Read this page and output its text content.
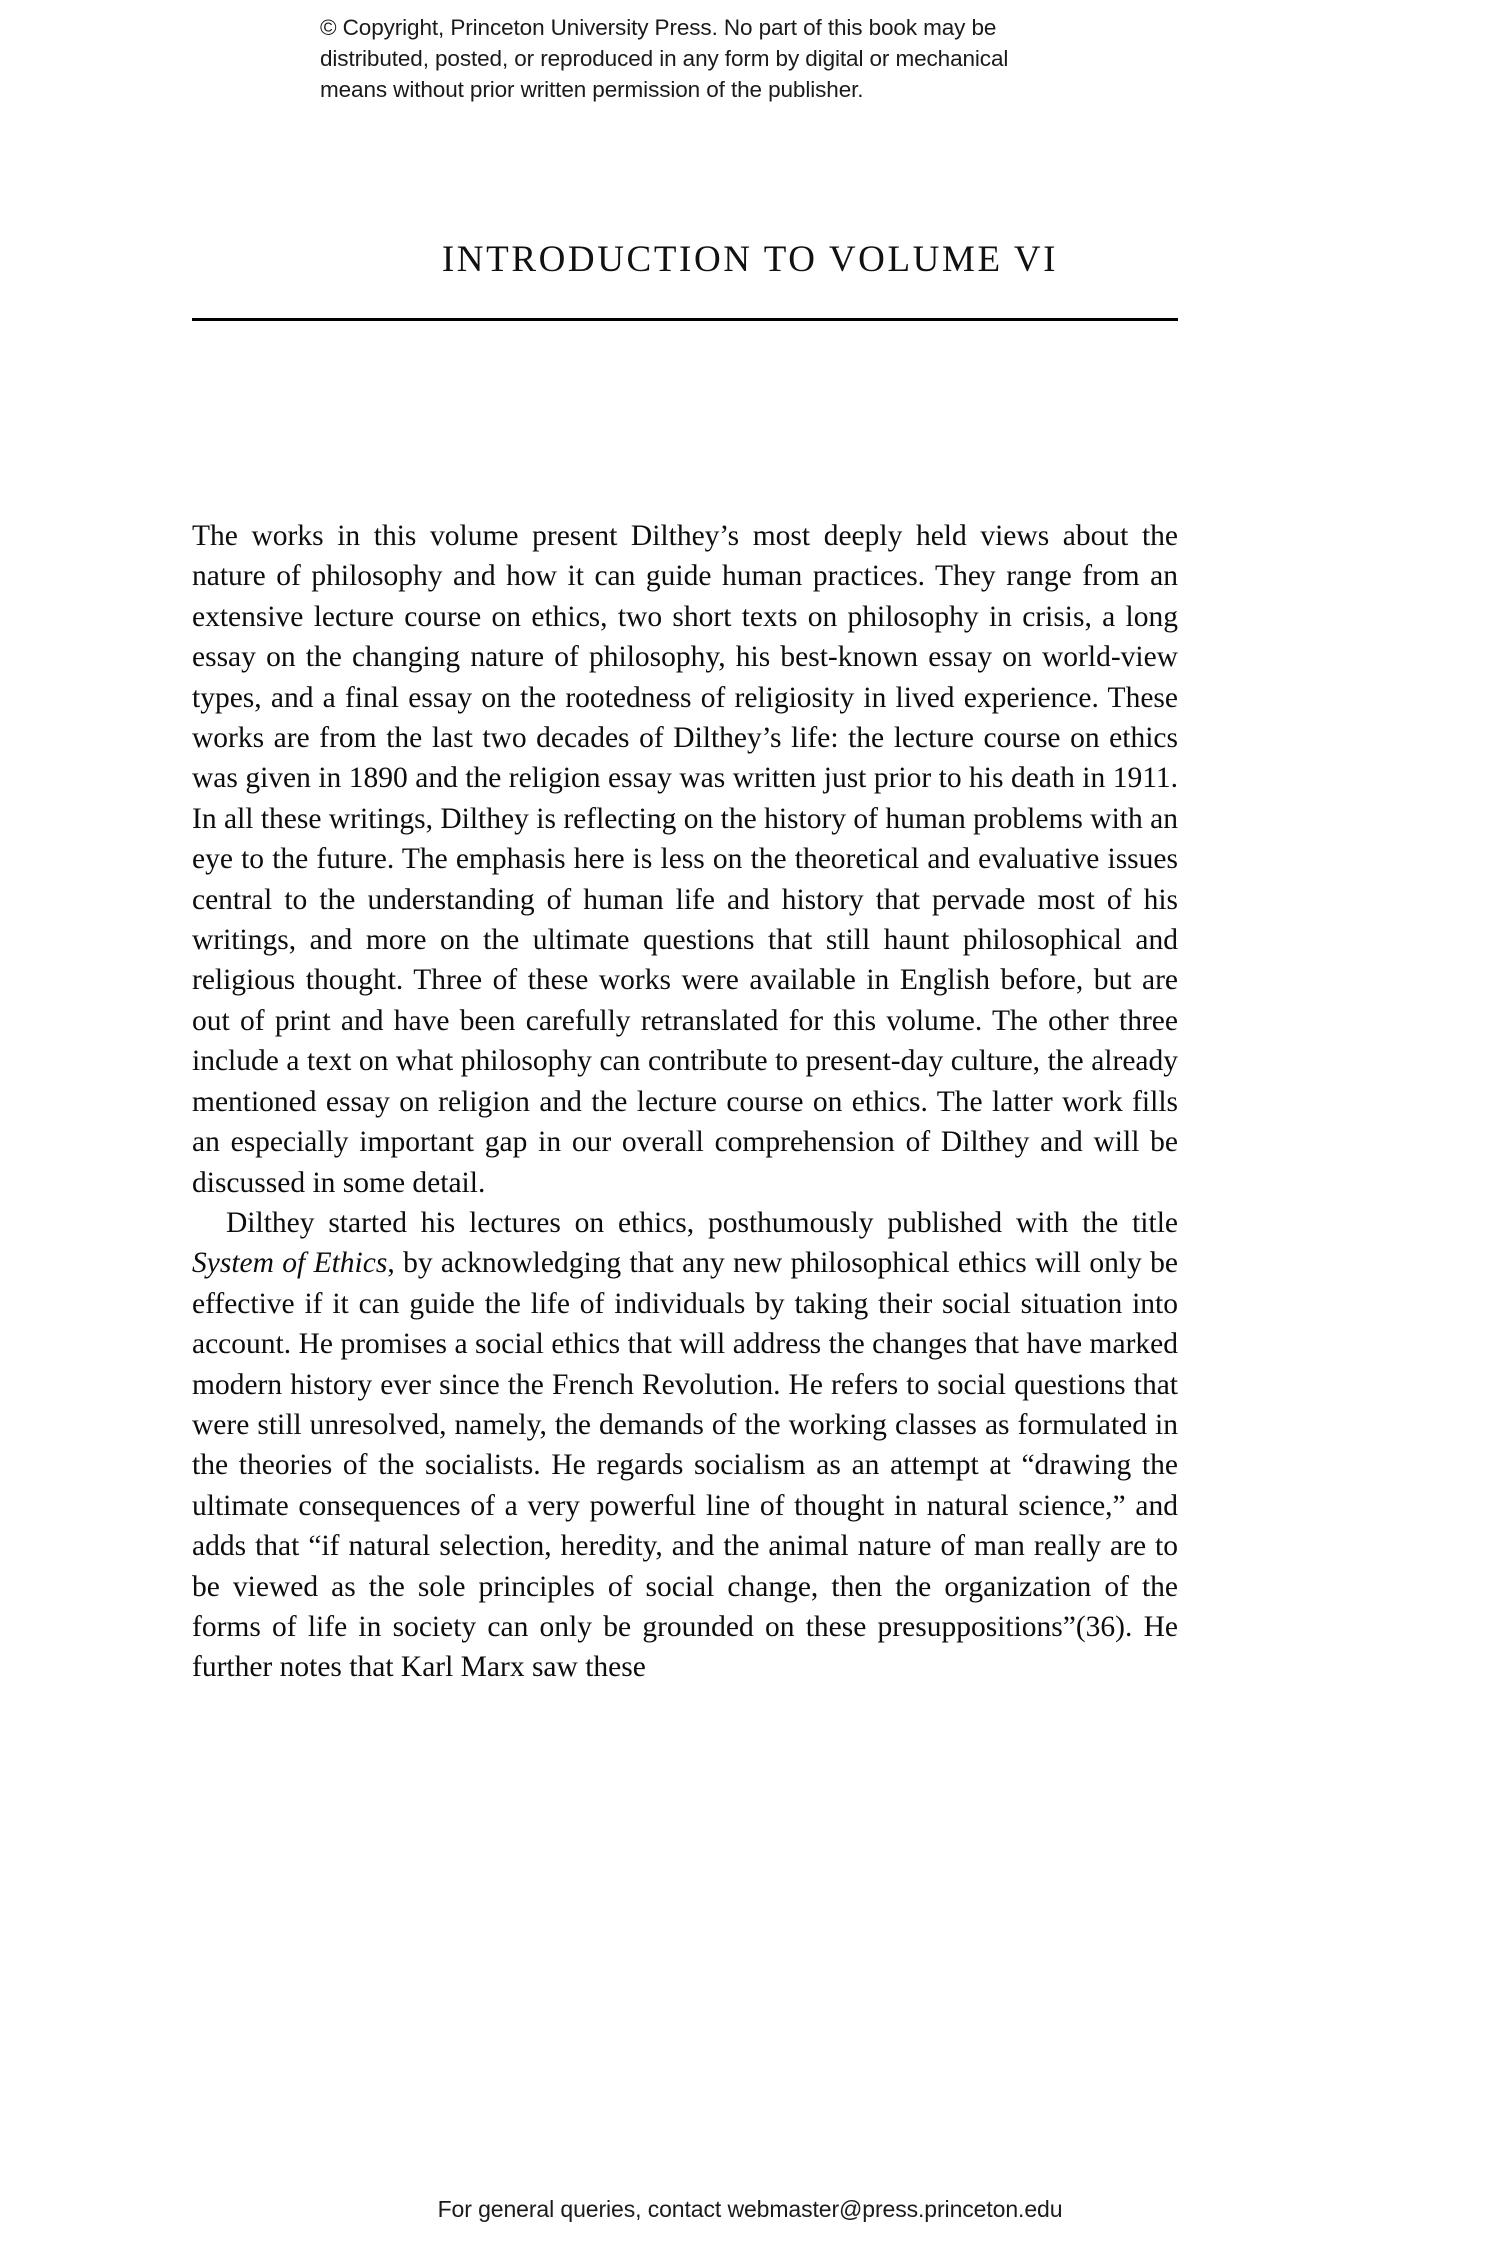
© Copyright, Princeton University Press. No part of this book may be
distributed, posted, or reproduced in any form by digital or mechanical
means without prior written permission of the publisher.
INTRODUCTION TO VOLUME VI

The works in this volume present Dilthey’s most deeply held views about the nature of philosophy and how it can guide human practices. They range from an extensive lecture course on ethics, two short texts on philosophy in crisis, a long essay on the changing nature of philosophy, his best-known essay on world-view types, and a final essay on the rootedness of religiosity in lived experience. These works are from the last two decades of Dilthey’s life: the lecture course on ethics was given in 1890 and the religion essay was written just prior to his death in 1911. In all these writings, Dilthey is reflecting on the history of human problems with an eye to the future. The emphasis here is less on the theoretical and evaluative issues central to the understanding of human life and history that pervade most of his writings, and more on the ultimate questions that still haunt philosophical and religious thought. Three of these works were available in English before, but are out of print and have been carefully retranslated for this volume. The other three include a text on what philosophy can contribute to present-day culture, the already mentioned essay on religion and the lecture course on ethics. The latter work fills an especially important gap in our overall comprehension of Dilthey and will be discussed in some detail.

Dilthey started his lectures on ethics, posthumously published with the title System of Ethics, by acknowledging that any new philosophical ethics will only be effective if it can guide the life of individuals by taking their social situation into account. He promises a social ethics that will address the changes that have marked modern history ever since the French Revolution. He refers to social questions that were still unresolved, namely, the demands of the working classes as formulated in the theories of the socialists. He regards socialism as an attempt at “drawing the ultimate consequences of a very powerful line of thought in natural science,” and adds that “if natural selection, heredity, and the animal nature of man really are to be viewed as the sole principles of social change, then the organization of the forms of life in society can only be grounded on these presuppositions”(36). He further notes that Karl Marx saw these

For general queries, contact webmaster@press.princeton.edu
